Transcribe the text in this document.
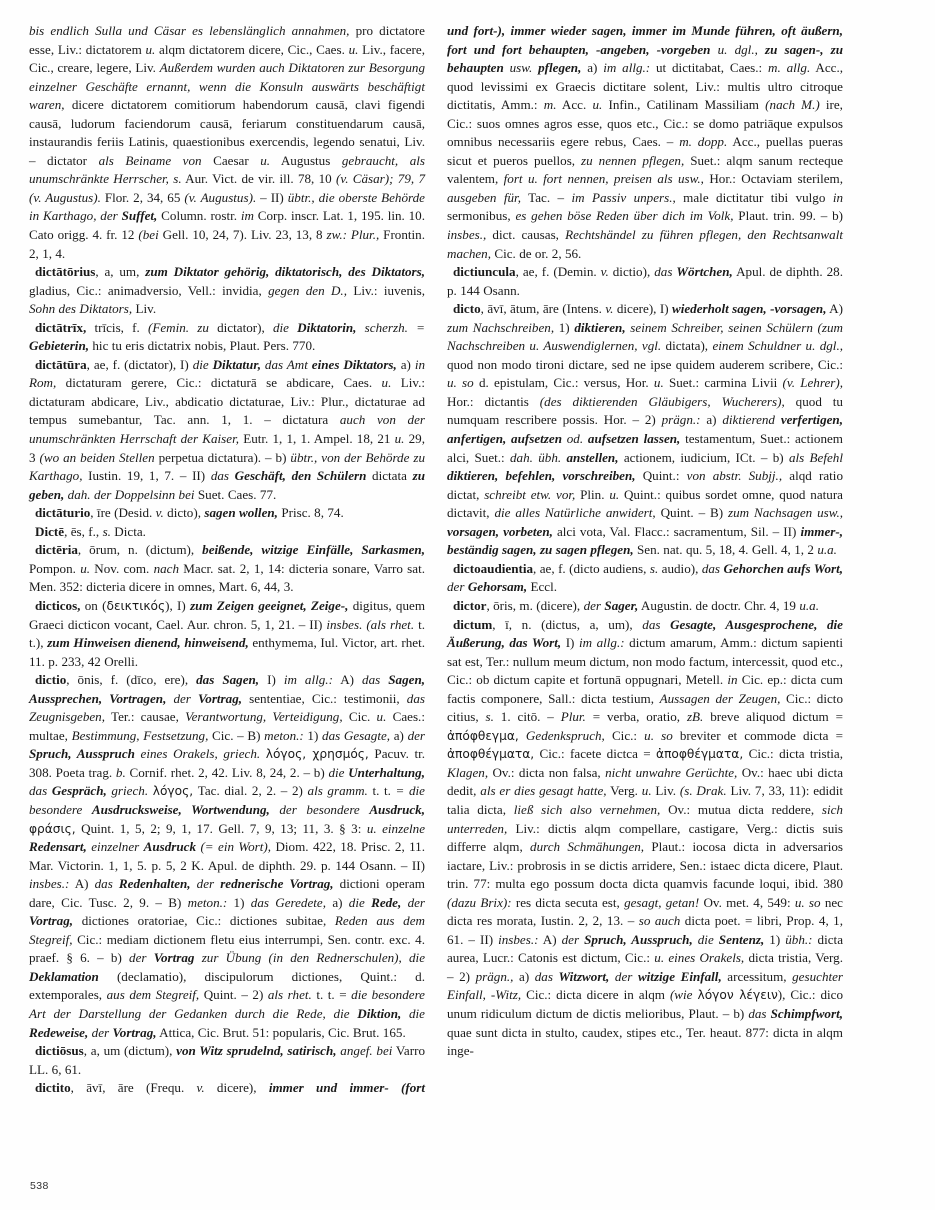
bis endlich Sulla und Cäsar es lebenslänglich annahmen, pro dictatore esse, Liv.: dictatorem u. alqm dictatorem dicere, Cic., Caes. u. Liv., facere, Cic., creare, legere, Liv. Außerdem wurden auch Diktatoren zur Besorgung einzelner Geschäfte ernannt, wenn die Konsuln auswärts beschäftigt waren, dicere dictatorem comitiorum habendorum causā, clavi figendi causā, ludorum faciendorum causā, feriarum constituendarum causā, instaurandis feriis Latinis, quaestionibus exercendis, legendo senatui, Liv. – dictator als Beiname von Caesar u. Augustus gebraucht, als unumschränkte Herrscher, s. Aur. Vict. de vir. ill. 78, 10 (v. Cäsar); 79, 7 (v. Augustus). Flor. 2, 34, 65 (v. Augustus). – II) übtr., die oberste Behörde in Karthago, der Suffet, Column. rostr. im Corp. inscr. Lat. 1, 195. lin. 10. Cato origg. 4. fr. 12 (bei Gell. 10, 24, 7). Liv. 23, 13, 8 zw.: Plur., Frontin. 2, 1, 4.

dictātōrius, a, um, zum Diktator gehörig, diktatorisch, des Diktators, gladius, Cic.: animadversio, Vell.: invidia, gegen den D., Liv.: iuvenis, Sohn des Diktators, Liv.

dictātrīx, trīcis, f. (Femin. zu dictator), die Diktatorin, scherzh. = Gebieterin, hic tu eris dictatrix nobis, Plaut. Pers. 770.

dictātūra, ae, f. (dictator), I) die Diktatur, das Amt eines Diktators, a) in Rom, dictaturam gerere, Cic.: dictaturā se abdicare, Caes. u. Liv.: dictaturam abdicare, Liv., abdicatio dictaturae, Liv.: Plur., dictaturae ad tempus sumebantur, Tac. ann. 1, 1. – dictatura auch von der unumschränkten Herrschaft der Kaiser, Eutr. 1, 1, 1. Ampel. 18, 21 u. 29, 3 (wo an beiden Stellen perpetua dictatura). – b) übtr., von der Behörde zu Karthago, Iustin. 19, 1, 7. – II) das Geschäft, den Schülern dictata zu geben, dah. der Doppelsinn bei Suet. Caes. 77.

dictāturio, īre (Desid. v. dicto), sagen wollen, Prisc. 8, 74.

Dictē, ēs, f., s. Dicta.

dictēria, ōrum, n. (dictum), beißende, witzige Einfälle, Sarkasmen, Pompon. u. Nov. com. nach Macr. sat. 2, 1, 14: dicteria sonare, Varro sat. Men. 352: dicteria dicere in omnes, Mart. 6, 44, 3.

dicticos, on (δεικτικός), I) zum Zeigen geeignet, Zeige-, digitus, quem Graeci dicticon vocant, Cael. Aur. chron. 5, 1, 21. – II) insbes. (als rhet. t. t.), zum Hinweisen dienend, hinweisend, enthymema, Iul. Victor, art. rhet. 11. p. 233, 42 Orelli.

dictio, ōnis, f. (dīco, ere), das Sagen, I) im allg.: A) das Sagen, Aussprechen, Vortragen, der Vortrag, sententiae, Cic.: testimonii, das Zeugnisgeben, Ter.: causae, Verantwortung, Verteidigung, Cic. u. Caes.: multae, Bestimmung, Festsetzung, Cic. – B) meton.: 1) das Gesagte, a) der Spruch, Ausspruch eines Orakels, griech. λόγος, χρησμός, Pacuv. tr. 308. Poeta trag. b. Cornif. rhet. 2, 42. Liv. 8, 24, 2. – b) die Unterhaltung, das Gespräch, griech. λόγος, Tac. dial. 2, 2. – 2) als gramm. t. t. = die besondere Ausdrucksweise, Wortwendung, der besondere Ausdruck, φράσις, Quint. 1, 5, 2; 9, 1, 17. Gell. 7, 9, 13; 11, 3. § 3: u. einzelne Redensart, einzelner Ausdruck (= ein Wort), Diom. 422, 18. Prisc. 2, 11. Mar. Victorin. 1, 1, 5. p. 5, 2 K. Apul. de diphth. 29. p. 144 Osann. – II) insbes.: A) das Redenhalten, der rednerische Vortrag, dictioni operam dare, Cic. Tusc. 2, 9. – B) meton.: 1) das Geredete, a) die Rede, der Vortrag, dictiones oratoriae, Cic.: dictiones subitae, Reden aus dem Stegreif, Cic.: mediam dictionem fletu eius interrumpi, Sen. contr. exc. 4. praef. § 6. – b) der Vortrag zur Übung (in den Rednerschulen), die Deklamation (declamatio), discipulorum dictiones, Quint.: d. extemporales, aus dem Stegreif, Quint. – 2) als rhet. t. t. = die besondere Art der Darstellung der Gedanken durch die Rede, die Diktion, die Redeweise, der Vortrag, Attica, Cic. Brut. 51: popularis, Cic. Brut. 165.

dictiōsus, a, um (dictum), von Witz sprudelnd, satirisch, angef. bei Varro LL. 6, 61.

dictito, āvī, āre (Frequ. v. dicere), immer und immer- (fort

und fort-), immer wieder sagen, immer im Munde führen, oft äußern, fort und fort behaupten, -angeben, -vorgeben u. dgl., zu sagen-, zu behaupten usw. pflegen, a) im allg.: ut dictitabat, Caes.: m. allg. Acc., quod levissimi ex Graecis dictitare solent, Liv.: multis ultro citroque dictitatis, Amm.: m. Acc. u. Infin., Catilinam Massiliam (nach M.) ire, Cic.: suos omnes agros esse, quos etc., Cic.: se domo patriāque expulsos omnibus necessariis egere rebus, Caes. – m. dopp. Acc., puellas pueras sicut et pueros puellos, zu nennen pflegen, Suet.: alqm sanum recteque valentem, fort u. fort nennen, preisen als usw., Hor.: Octaviam sterilem, ausgeben für, Tac. – im Passiv unpers., male dictitatur tibi vulgo in sermonibus, es gehen böse Reden über dich im Volk, Plaut. trin. 99. – b) insbes., dict. causas, Rechtshändel zu führen pflegen, den Rechtsanwalt machen, Cic. de or. 2, 56.

dictiuncula, ae, f. (Demin. v. dictio), das Wörtchen, Apul. de diphth. 28. p. 144 Osann.

dicto, āvī, ātum, āre (Intens. v. dicere), I) wiederholt sagen, -vorsagen, A) zum Nachschreiben, 1) diktieren, seinem Schreiber, seinen Schülern (zum Nachschreiben u. Auswendiglernen, vgl. dictata), einem Schuldner u. dgl., quod non modo tironi dictare, sed ne ipse quidem auderem scribere, Cic.: u. so d. epistulam, Cic.: versus, Hor. u. Suet.: carmina Livii (v. Lehrer), Hor.: dictantis (des diktierenden Gläubigers, Wucherers), quod tu numquam rescribere possis. Hor. – 2) prägn.: a) diktierend verfertigen, anfertigen, aufsetzen od. aufsetzen lassen, testamentum, Suet.: actionem alci, Suet.: dah. übh. anstellen, actionem, iudicium, ICt. – b) als Befehl diktieren, befehlen, vorschreiben, Quint.: von abstr. Subjj., alqd ratio dictat, schreibt etw. vor, Plin. u. Quint.: quibus sordet omne, quod natura dictavit, die alles Natürliche anwidert, Quint. – B) zum Nachsagen usw., vorsagen, vorbeten, alci vota, Val. Flacc.: sacramentum, Sil. – II) immer-, beständig sagen, zu sagen pflegen, Sen. nat. qu. 5, 18, 4. Gell. 4, 1, 2 u.a.

dictoaudientia, ae, f. (dicto audiens, s. audio), das Gehorchen aufs Wort, der Gehorsam, Eccl.

dictor, ōris, m. (dicere), der Sager, Augustin. de doctr. Chr. 4, 19 u.a.

dictum, ī, n. (dictus, a, um), das Gesagte, Ausgesprochene, die Äußerung, das Wort, I) im allg.: dictum amarum, Amm.: dictum sapienti sat est, Ter.: nullum meum dictum, non modo factum, intercessit, quod etc., Cic.: ob dictum capite et fortunā oppugnari, Metell. in Cic. ep.: dicta cum factis componere, Sall.: dicta testium, Aussagen der Zeugen, Cic.: dicto citius, s. 1. citō. – Plur. = verba, oratio, zB. breve aliquod dictum = ἀπόφθεγμα, Gedenkspruch, Cic.: u. so breviter et commode dicta = ἀποφθέγματα, Cic.: facete dictca = ἀποφθέγματα, Cic.: dicta tristia, Klagen, Ov.: dicta non falsa, nicht unwahre Gerüchte, Ov.: haec ubi dicta dedit, als er dies gesagt hatte, Verg. u. Liv. (s. Drak. Liv. 7, 33, 11): edidit talia dicta, ließ sich also vernehmen, Ov.: mutua dicta reddere, sich unterreden, Liv.: dictis alqm compellare, castigare, Verg.: dictis suis differre alqm, durch Schmähungen, Plaut.: iocosa dicta in adversarios iactare, Liv.: probrosis in se dictis arridere, Sen.: istaec dicta dicere, Plaut. trin. 77: multa ego possum docta dicta quamvis facunde loqui, ibid. 380 (dazu Brix): res dicta secuta est, gesagt, getan! Ov. met. 4, 549: u. so nec dicta res morata, Iustin. 2, 2, 13. – so auch dicta poet. = libri, Prop. 4, 1, 61. – II) insbes.: A) der Spruch, Ausspruch, die Sentenz, 1) übh.: dicta aurea, Lucr.: Catonis est dictum, Cic.: u. eines Orakels, dicta tristia, Verg. – 2) prägn., a) das Witzwort, der witzige Einfall, arcessitum, gesuchter Einfall, -Witz, Cic.: dicta dicere in alqm (wie λόγον λέγειν), Cic.: dico unum ridiculum dictum de dictis melioribus, Plaut. – b) das Schimpfwort, quae sunt dicta in stulto, caudex, stipes etc., Ter. heaut. 877: dicta in alqm inge-

538
